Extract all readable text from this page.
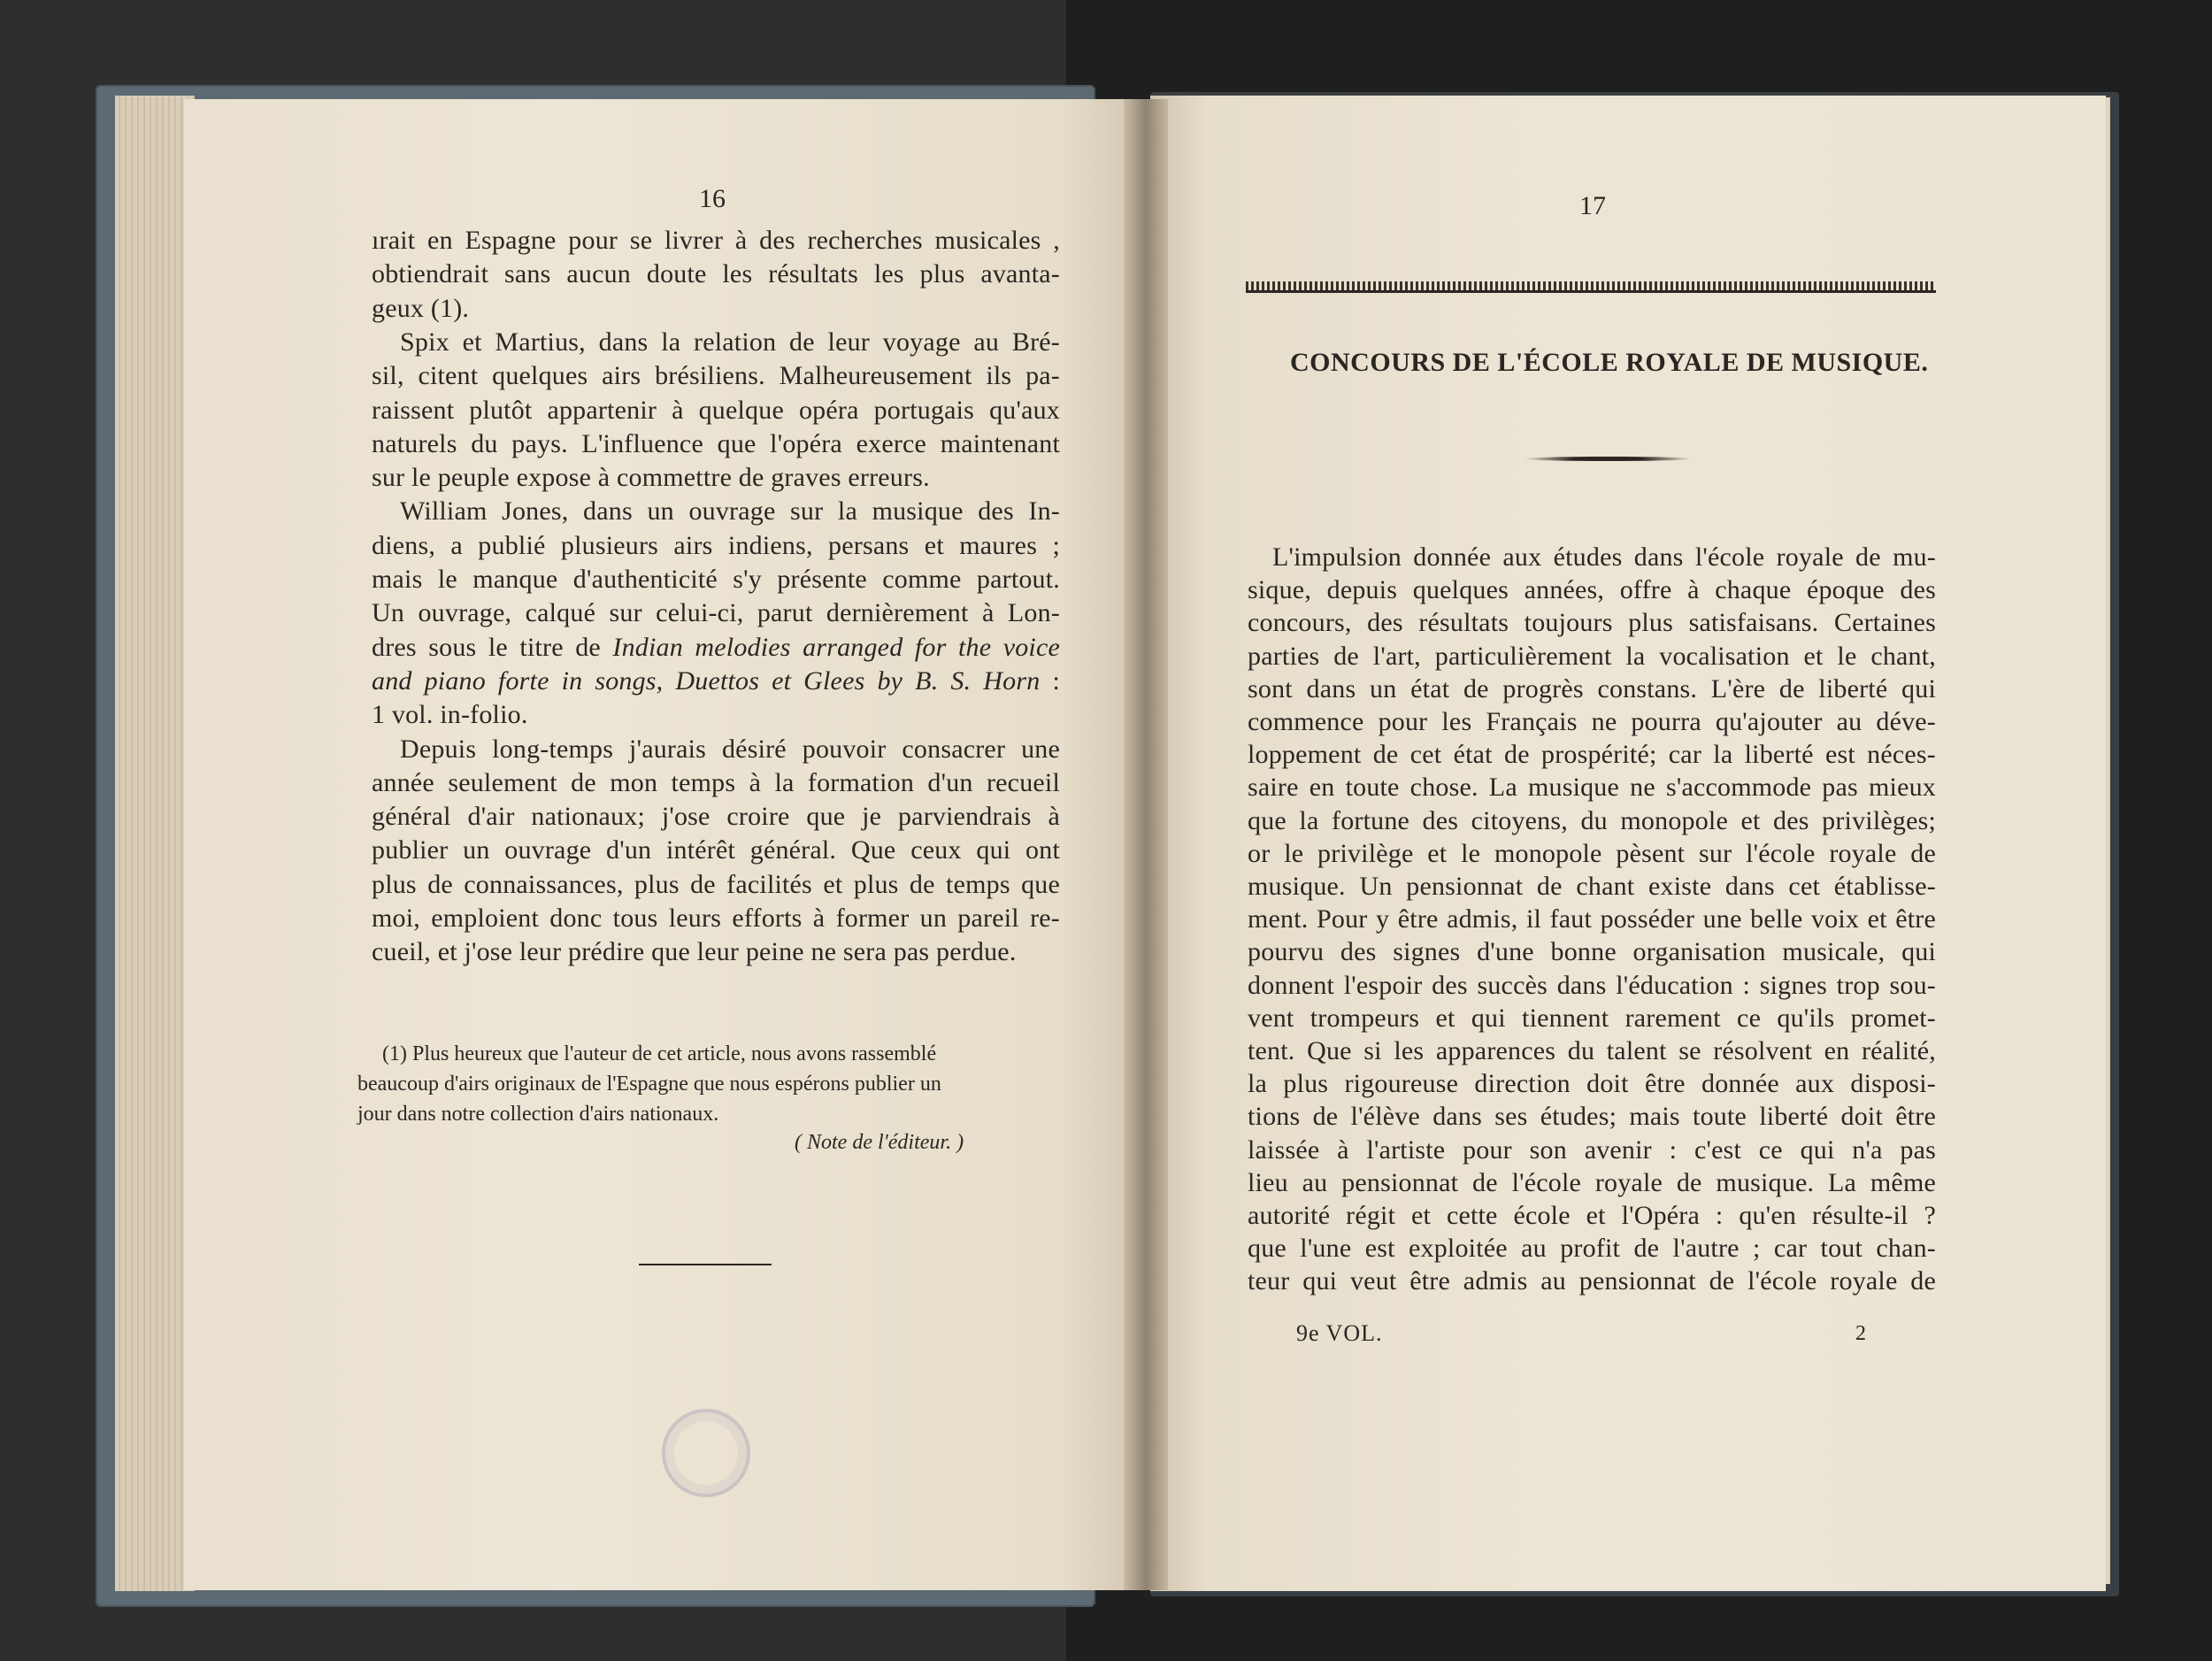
16
ırait en Espagne pour se livrer à des recherches musicales ,
obtiendrait sans aucun doute les résultats les plus avanta-
geux (1).
Spix et Martius, dans la relation de leur voyage au Bré-
sil, citent quelques airs brésiliens. Malheureusement ils pa-
raissent plutôt appartenir à quelque opéra portugais qu'aux
naturels du pays. L'influence que l'opéra exerce maintenant
sur le peuple expose à commettre de graves erreurs.
William Jones, dans un ouvrage sur la musique des In-
diens, a publié plusieurs airs indiens, persans et maures ;
mais le manque d'authenticité s'y présente comme partout.
Un ouvrage, calqué sur celui-ci, parut dernièrement à Lon-
dres sous le titre de Indian melodies arranged for the voice
and piano forte in songs, Duettos et Glees by B. S. Horn :
1 vol. in-folio.
Depuis long-temps j'aurais désiré pouvoir consacrer une
année seulement de mon temps à la formation d'un recueil
général d'air nationaux; j'ose croire que je parviendrais à
publier un ouvrage d'un intérêt général. Que ceux qui ont
plus de connaissances, plus de facilités et plus de temps que
moi, emploient donc tous leurs efforts à former un pareil re-
cueil, et j'ose leur prédire que leur peine ne sera pas perdue.
(1) Plus heureux que l'auteur de cet article, nous avons rassemblé
beaucoup d'airs originaux de l'Espagne que nous espérons publier un
jour dans notre collection d'airs nationaux.
( Note de l'éditeur. )
17
CONCOURS DE L'ÉCOLE ROYALE DE MUSIQUE.
L'impulsion donnée aux études dans l'école royale de mu-
sique, depuis quelques années, offre à chaque époque des
concours, des résultats toujours plus satisfaisans. Certaines
parties de l'art, particulièrement la vocalisation et le chant,
sont dans un état de progrès constans. L'ère de liberté qui
commence pour les Français ne pourra qu'ajouter au déve-
loppement de cet état de prospérité; car la liberté est néces-
saire en toute chose. La musique ne s'accommode pas mieux
que la fortune des citoyens, du monopole et des privilèges;
or le privilège et le monopole pèsent sur l'école royale de
musique. Un pensionnat de chant existe dans cet établisse-
ment. Pour y être admis, il faut posséder une belle voix et être
pourvu des signes d'une bonne organisation musicale, qui
donnent l'espoir des succès dans l'éducation : signes trop sou-
vent trompeurs et qui tiennent rarement ce qu'ils promet-
tent. Que si les apparences du talent se résolvent en réalité,
la plus rigoureuse direction doit être donnée aux disposi-
tions de l'élève dans ses études; mais toute liberté doit être
laissée à l'artiste pour son avenir : c'est ce qui n'a pas
lieu au pensionnat de l'école royale de musique. La même
autorité régit et cette école et l'Opéra : qu'en résulte-il ?
que l'une est exploitée au profit de l'autre ; car tout chan-
teur qui veut être admis au pensionnat de l'école royale de
9e VOL.	2
